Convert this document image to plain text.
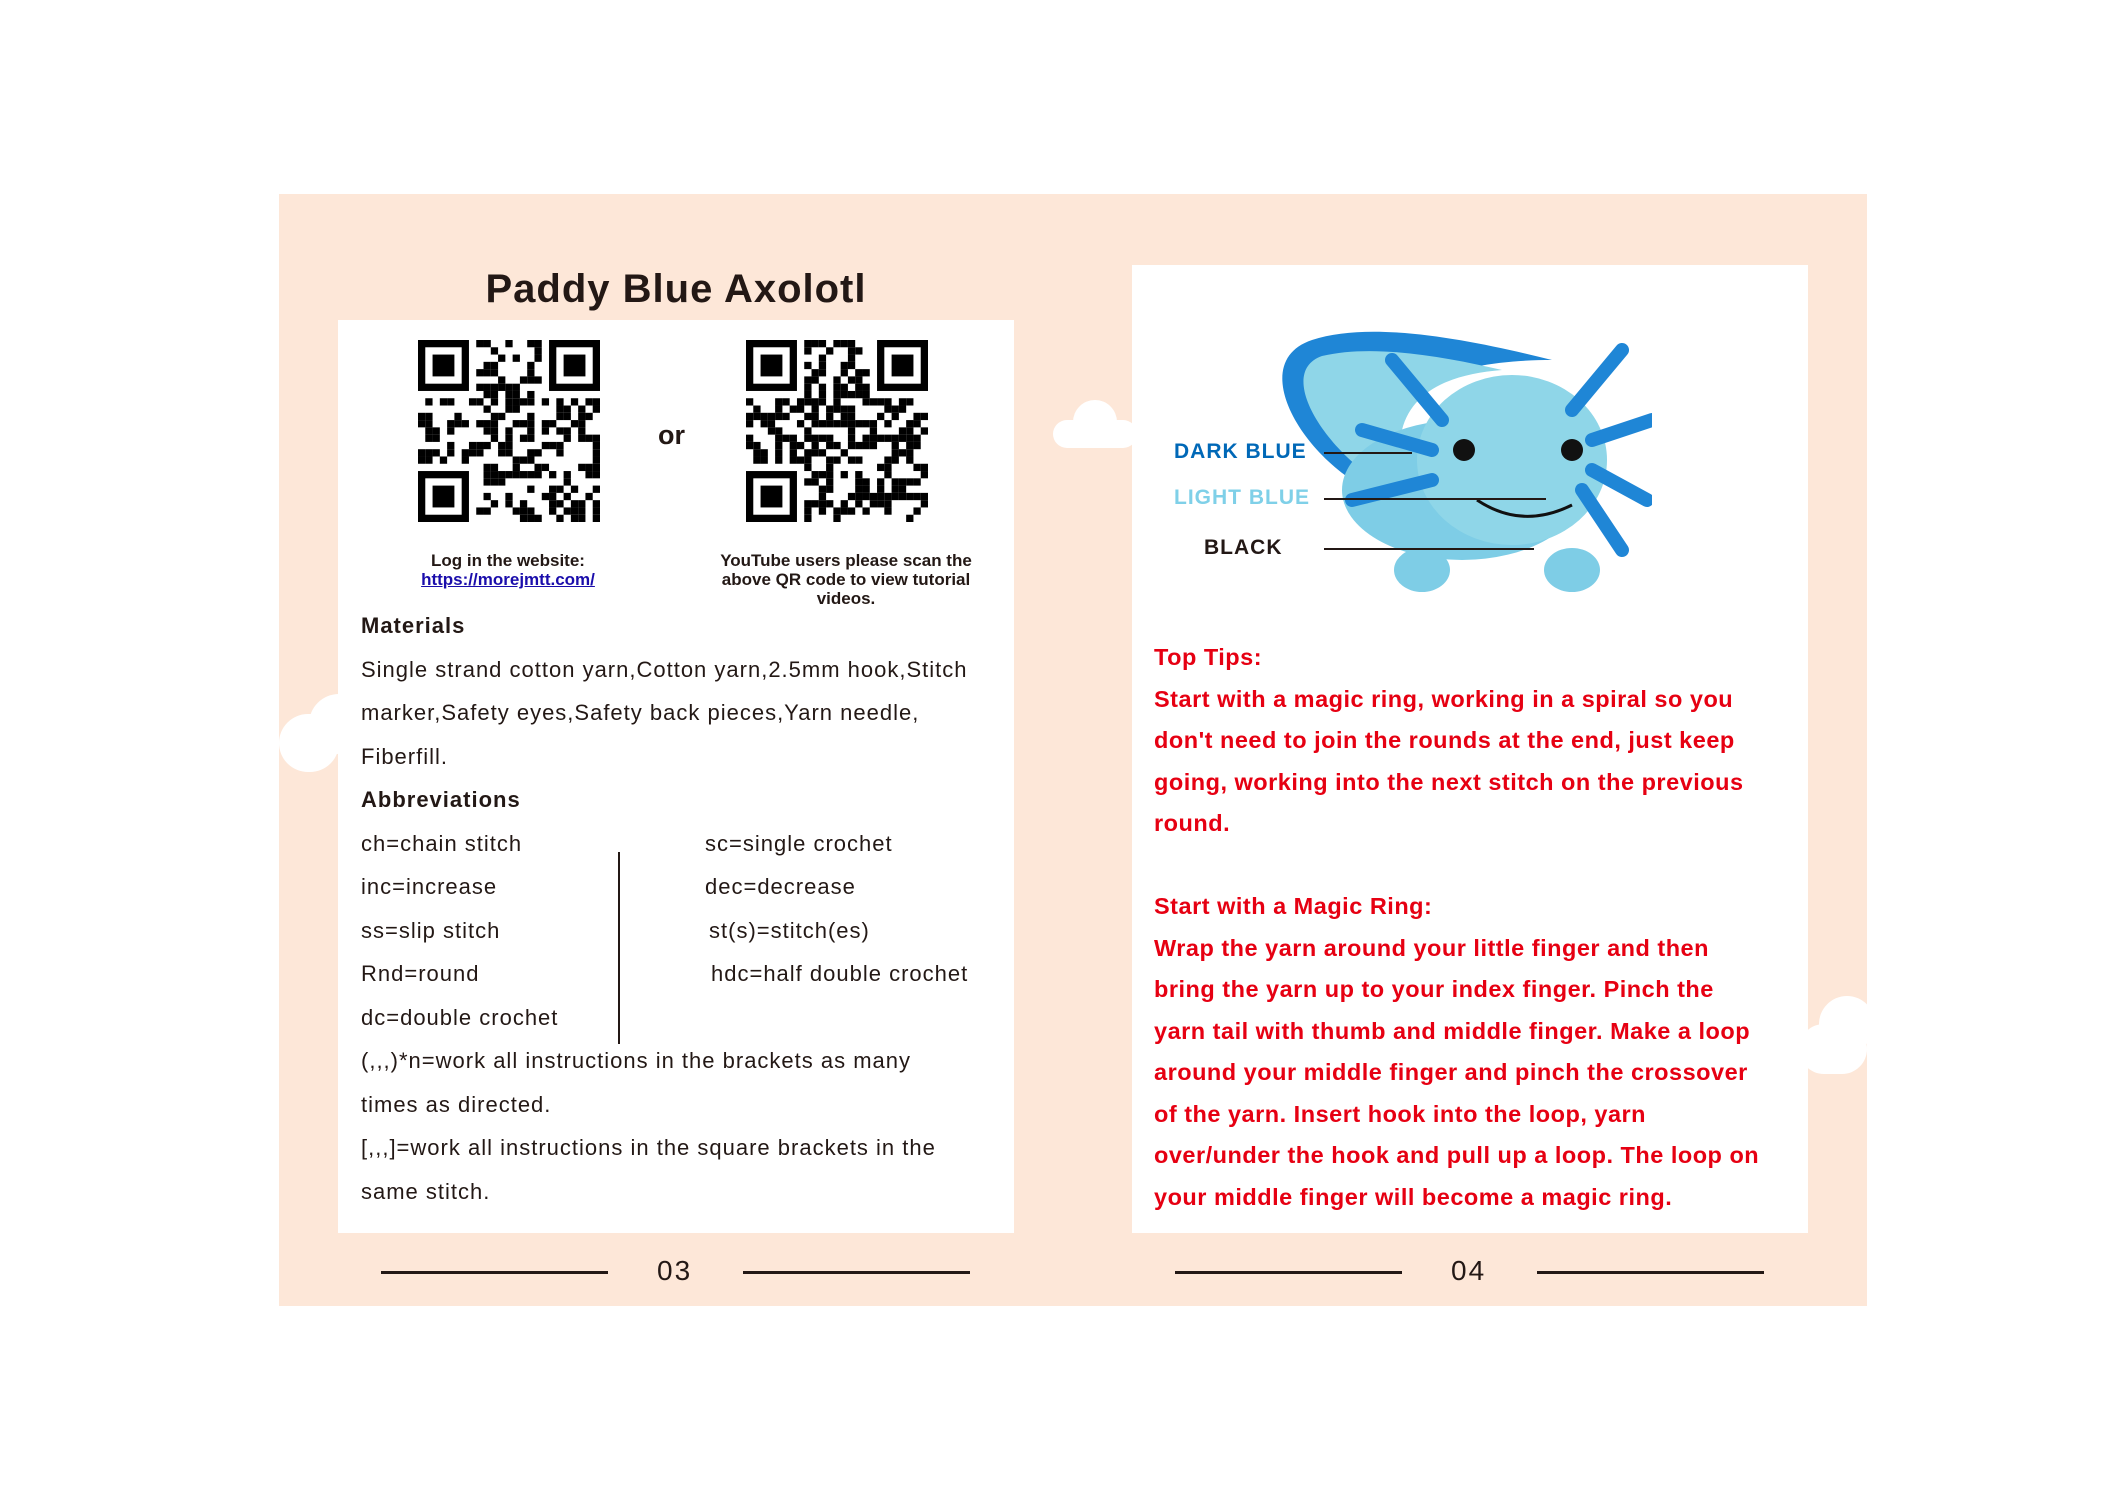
Paddy Blue Axolotl
or
Log in the website:
https://morejmtt.com/
YouTube users please scan the above QR code to view tutorial videos.
Materials
Single strand cotton yarn,Cotton yarn,2.5mm hook,Stitch
marker,Safety eyes,Safety back pieces,Yarn needle,
Fiberfill.
Abbreviations
ch=chain stitch
inc=increase
ss=slip stitch
Rnd=round
dc=double crochet
sc=single crochet
dec=decrease
st(s)=stitch(es)
hdc=half double crochet
(,,,)*n=work all instructions in the brackets as many
times as directed.
[,,,]=work all instructions in the square brackets in the
same stitch.
03
DARK BLUE
LIGHT BLUE
BLACK
Top Tips:
Start with a magic ring, working in a spiral so you
don't need to join the rounds at the end, just keep
going, working into the next stitch on the previous
round.
Start with a Magic Ring:
Wrap the yarn around your little finger and then
bring the yarn up to your index finger. Pinch the
yarn tail with thumb and middle finger. Make a loop
around your middle finger and pinch the crossover
of the yarn. Insert hook into the loop, yarn
over/under the hook and pull up a loop. The loop on
your middle finger will become a magic ring.
04
